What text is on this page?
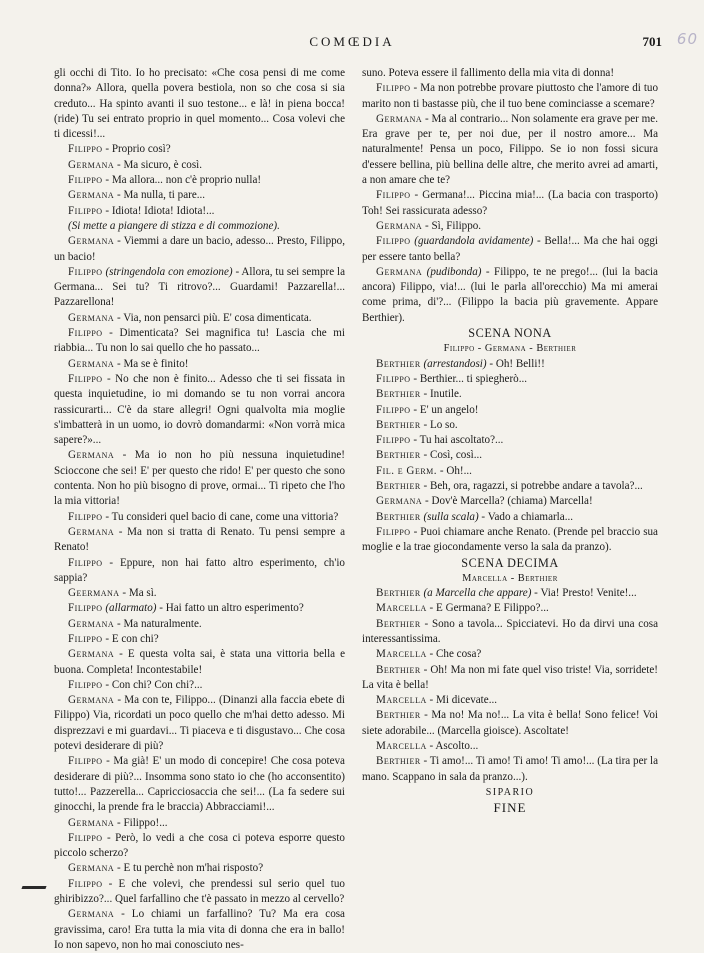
COMŒDIA	701 60

gli occhi di Tito. Io ho precisato: «Che cosa pensi di me come donna?» Allora, quella povera bestiola, non so che cosa si sia creduto... Ha spinto avanti il suo testone... e là! in piena bocca! (ride) Tu sei entrato proprio in quel momento... Cosa volevi che ti dicessi!...

Filippo - Proprio così?

Germana - Ma sicuro, è così.

Filippo - Ma allora... non c'è proprio nulla!

Germana - Ma nulla, ti pare...

Filippo - Idiota! Idiota! Idiota!...

(Si mette a piangere di stizza e di commozione).

Germana - Viemmi a dare un bacio, adesso... Presto, Filippo, un bacio!

Filippo (stringendola con emozione) - Allora, tu sei sempre la Germana... Sei tu? Ti ritrovo?... Guardami! Pazzarella!... Pazzarellona!

Germana - Via, non pensarci più. E' cosa dimenticata.

Filippo - Dimenticata? Sei magnifica tu! Lascia che mi riabbia... Tu non lo sai quello che ho passato...

Germana - Ma se è finito!

Filippo - No che non è finito... Adesso che ti sei fissata in questa inquietudine, io mi domando se tu non vorrai ancora rassicurarti... C'è da stare allegri! Ogni qualvolta mia moglie s'imbatterà in un uomo, io dovrò domandarmi: «Non vorrà mica sapere?»...

Germana - Ma io non ho più nessuna inquietudine! Scioccone che sei! E' per questo che rido! E' per questo che sono contenta. Non ho più bisogno di prove, ormai... Ti ripeto che l'ho la mia vittoria!

Filippo - Tu consideri quel bacio di cane, come una vittoria?

Germana - Ma non si tratta di Renato. Tu pensi sempre a Renato!

Filippo - Eppure, non hai fatto altro esperimento, ch'io sappia?

Geermana - Ma sì.

Filippo (allarmato) - Hai fatto un altro esperimento?

Germana - Ma naturalmente.

Filippo - E con chi?

Germana - E questa volta sai, è stata una vittoria bella e buona. Completa! Incontestabile!

Filippo - Con chi? Con chi?...

Germana - Ma con te, Filippo... (Dinanzi alla faccia ebete di Filippo) Via, ricordati un poco quello che m'hai detto adesso. Mi disprezzavi e mi guardavi... Ti piaceva e ti disgustavo... Che cosa potevi desiderare di più?

Filippo - Ma già! E' un modo di concepire! Che cosa poteva desiderare di più?... Insomma sono stato io che (ho acconsentito) tutto!... Pazzerella... Capricciosaccia che sei!... (La fa sedere sui ginocchi, la prende fra le braccia) Abbracciami!...

Germana - Filippo!...

Filippo - Però, lo vedi a che cosa ci poteva esporre questo piccolo scherzo?

Germana - E tu perchè non m'hai risposto?

Filippo - E che volevi, che prendessi sul serio quel tuo ghiribizzo?... Quel farfallino che t'è passato in mezzo al cervello?

Germana - Lo chiami un farfallino? Tu? Ma era cosa gravissima, caro! Era tutta la mia vita di donna che era in ballo! Io non sapevo, non ho mai conosciuto nes-

suno. Poteva essere il fallimento della mia vita di donna!

Filippo - Ma non potrebbe provare piuttosto che l'amore di tuo marito non ti bastasse più, che il tuo bene cominciasse a scemare?

Germana - Ma al contrario... Non solamente era grave per me. Era grave per te, per noi due, per il nostro amore... Ma naturalmente! Pensa un poco, Filippo. Se io non fossi sicura d'essere bellina, più bellina delle altre, che merito avrei ad amarti, a non amare che te?

Filippo - Germana!... Piccina mia!... (La bacia con trasporto) Toh! Sei rassicurata adesso?

Germana - Sì, Filippo.

Filippo (guardandola avidamente) - Bella!... Ma che hai oggi per essere tanto bella?

Germana (pudibonda) - Filippo, te ne prego!... (lui la bacia ancora) Filippo, via!... (lui le parla all'orecchio) Ma mi amerai come prima, di'?... (Filippo la bacia più gravemente. Appare Berthier).

SCENA NONA

Filippo - Germana - Berthier

Berthier (arrestandosi) - Oh! Belli!!

Filippo - Berthier... ti spiegherò...

Berthier - Inutile.

Filippo - E' un angelo!

Berthier - Lo so.

Filippo - Tu hai ascoltato?...

Berthier - Così, così...

Fil. e Germ. - Oh!...

Berthier - Beh, ora, ragazzi, si potrebbe andare a tavola?...

Germana - Dov'è Marcella? (chiama) Marcella!

Berthier (sulla scala) - Vado a chiamarla...

Filippo - Puoi chiamare anche Renato. (Prende pel braccio sua moglie e la trae giocondamente verso la sala da pranzo).

SCENA DECIMA

Marcella - Berthier

Berthier (a Marcella che appare) - Via! Presto! Venite!...

Marcella - E Germana? E Filippo?...

Berthier - Sono a tavola... Spicciatevi. Ho da dirvi una cosa interessantissima.

Marcella - Che cosa?

Berthier - Oh! Ma non mi fate quel viso triste! Via, sorridete! La vita è bella!

Marcella - Mi dicevate...

Berthier - Ma no! Ma no!... La vita è bella! Sono felice! Voi siete adorabile... (Marcella gioisce). Ascoltate!

Marcella - Ascolto...

Berthier - Ti amo!... Ti amo! Ti amo! Ti amo!... (La tira per la mano. Scappano in sala da pranzo...).

SIPARIO

FINE
